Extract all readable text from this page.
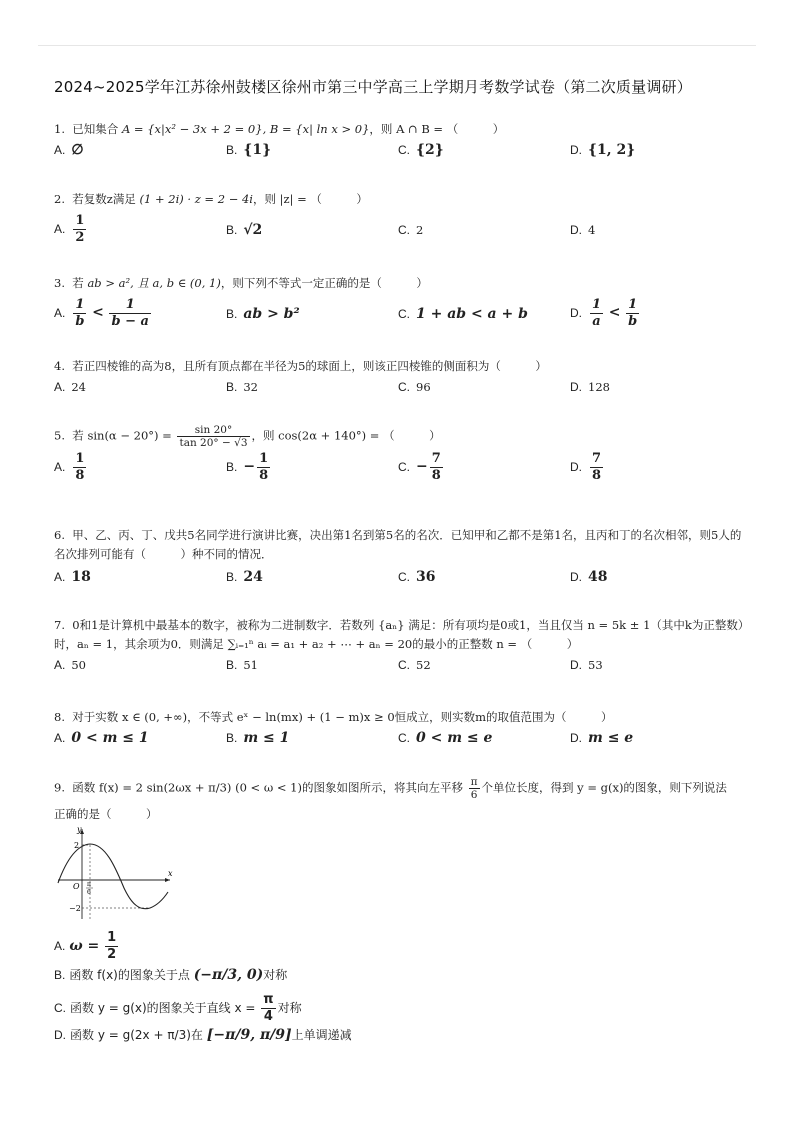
2024~2025学年江苏徐州鼓楼区徐州市第三中学高三上学期月考数学试卷（第二次质量调研）
1. 已知集合 A = {x|x² − 3x + 2 = 0}, B = {x| ln x > 0}，则 A ∩ B = （　　　）
A. ∅	B. {1}	C. {2}	D. {1, 2}
2. 若复数z满足 (1 + 2i) · z = 2 − 4i，则 |z| = （　　　）
A. $\frac{1}{2}$	B. √2	C. 2	D. 4
3. 若 ab > a², 且 a, b ∈ (0, 1)，则下列不等式一定正确的是（　　　）
A. $\frac{1}{b} < \frac{1}{b - a}$	B. ab > b²	C. 1 + ab < a + b	D. $\frac{1}{a} < \frac{1}{b}$
4. 若正四棱锥的高为8，且所有顶点都在半径为5的球面上，则该正四棱锥的侧面积为（　　　）
A. 24	B. 32	C. 96	D. 128
5. 若 $\sin(\alpha - 20^\circ) = \frac{\sin 20^\circ}{\tan 20^\circ - √3}$ ，则 cos(2α + 140°) = （　　　）
A. $\frac{1}{8}$	B. − $\frac{1}{8}$	C. − $\frac{7}{8}$	D. $\frac{7}{8}$
6. 甲、乙、丙、丁、戊共5名同学进行演讲比赛，决出第1名到第5名的名次．已知甲和乙都不是第1名，且丙和丁的名次相邻，则5人的名次排列可能有（　　　）种不同的情况．
A. 18	B. 24	C. 36	D. 48
7. 0和1是计算机中最基本的数字，被称为二进制数字．若数列 {aₙ} 满足：所有项均是0或1，当且仅当 n = 5k ± 1（其中k为正整数）时，aₙ = 1，其余项为0．则满足 ∑ᵢ₌₁ⁿ aᵢ = a₁ + a₂ + ⋯ + aₙ = 20的最小的正整数 n = （　　　）
A. 50	B. 51	C. 52	D. 53
8. 对于实数 x ∈ (0, +∞)，不等式 eˣ − ln(mx) + (1 − m)x ≥ 0恒成立，则实数m的取值范围为（　　　）
A. 0 < m ≤ 1	B. m ≤ 1	C. 0 < m ≤ e	D. m ≤ e
9. 函数 f(x) = 2 sin(2ωx + π/3) (0 < ω < 1)的图象如图所示，将其向左平移 $\frac{\pi}{6}$ 个单位长度，得到 y = g(x)的图象，则下列说法
正确的是（　　　）
y
x
O
2
−2
π
6
A. $\omega = \frac{1}{2}$
B. 函数 f(x)的图象关于点 (−π/3, 0)对称
C. 函数 y = g(x)的图象关于直线 $x = \frac{\pi}{4}$ 对称
D. 函数 y = g(2x + π/3)在 [−π/9, π/9]上单调递减
